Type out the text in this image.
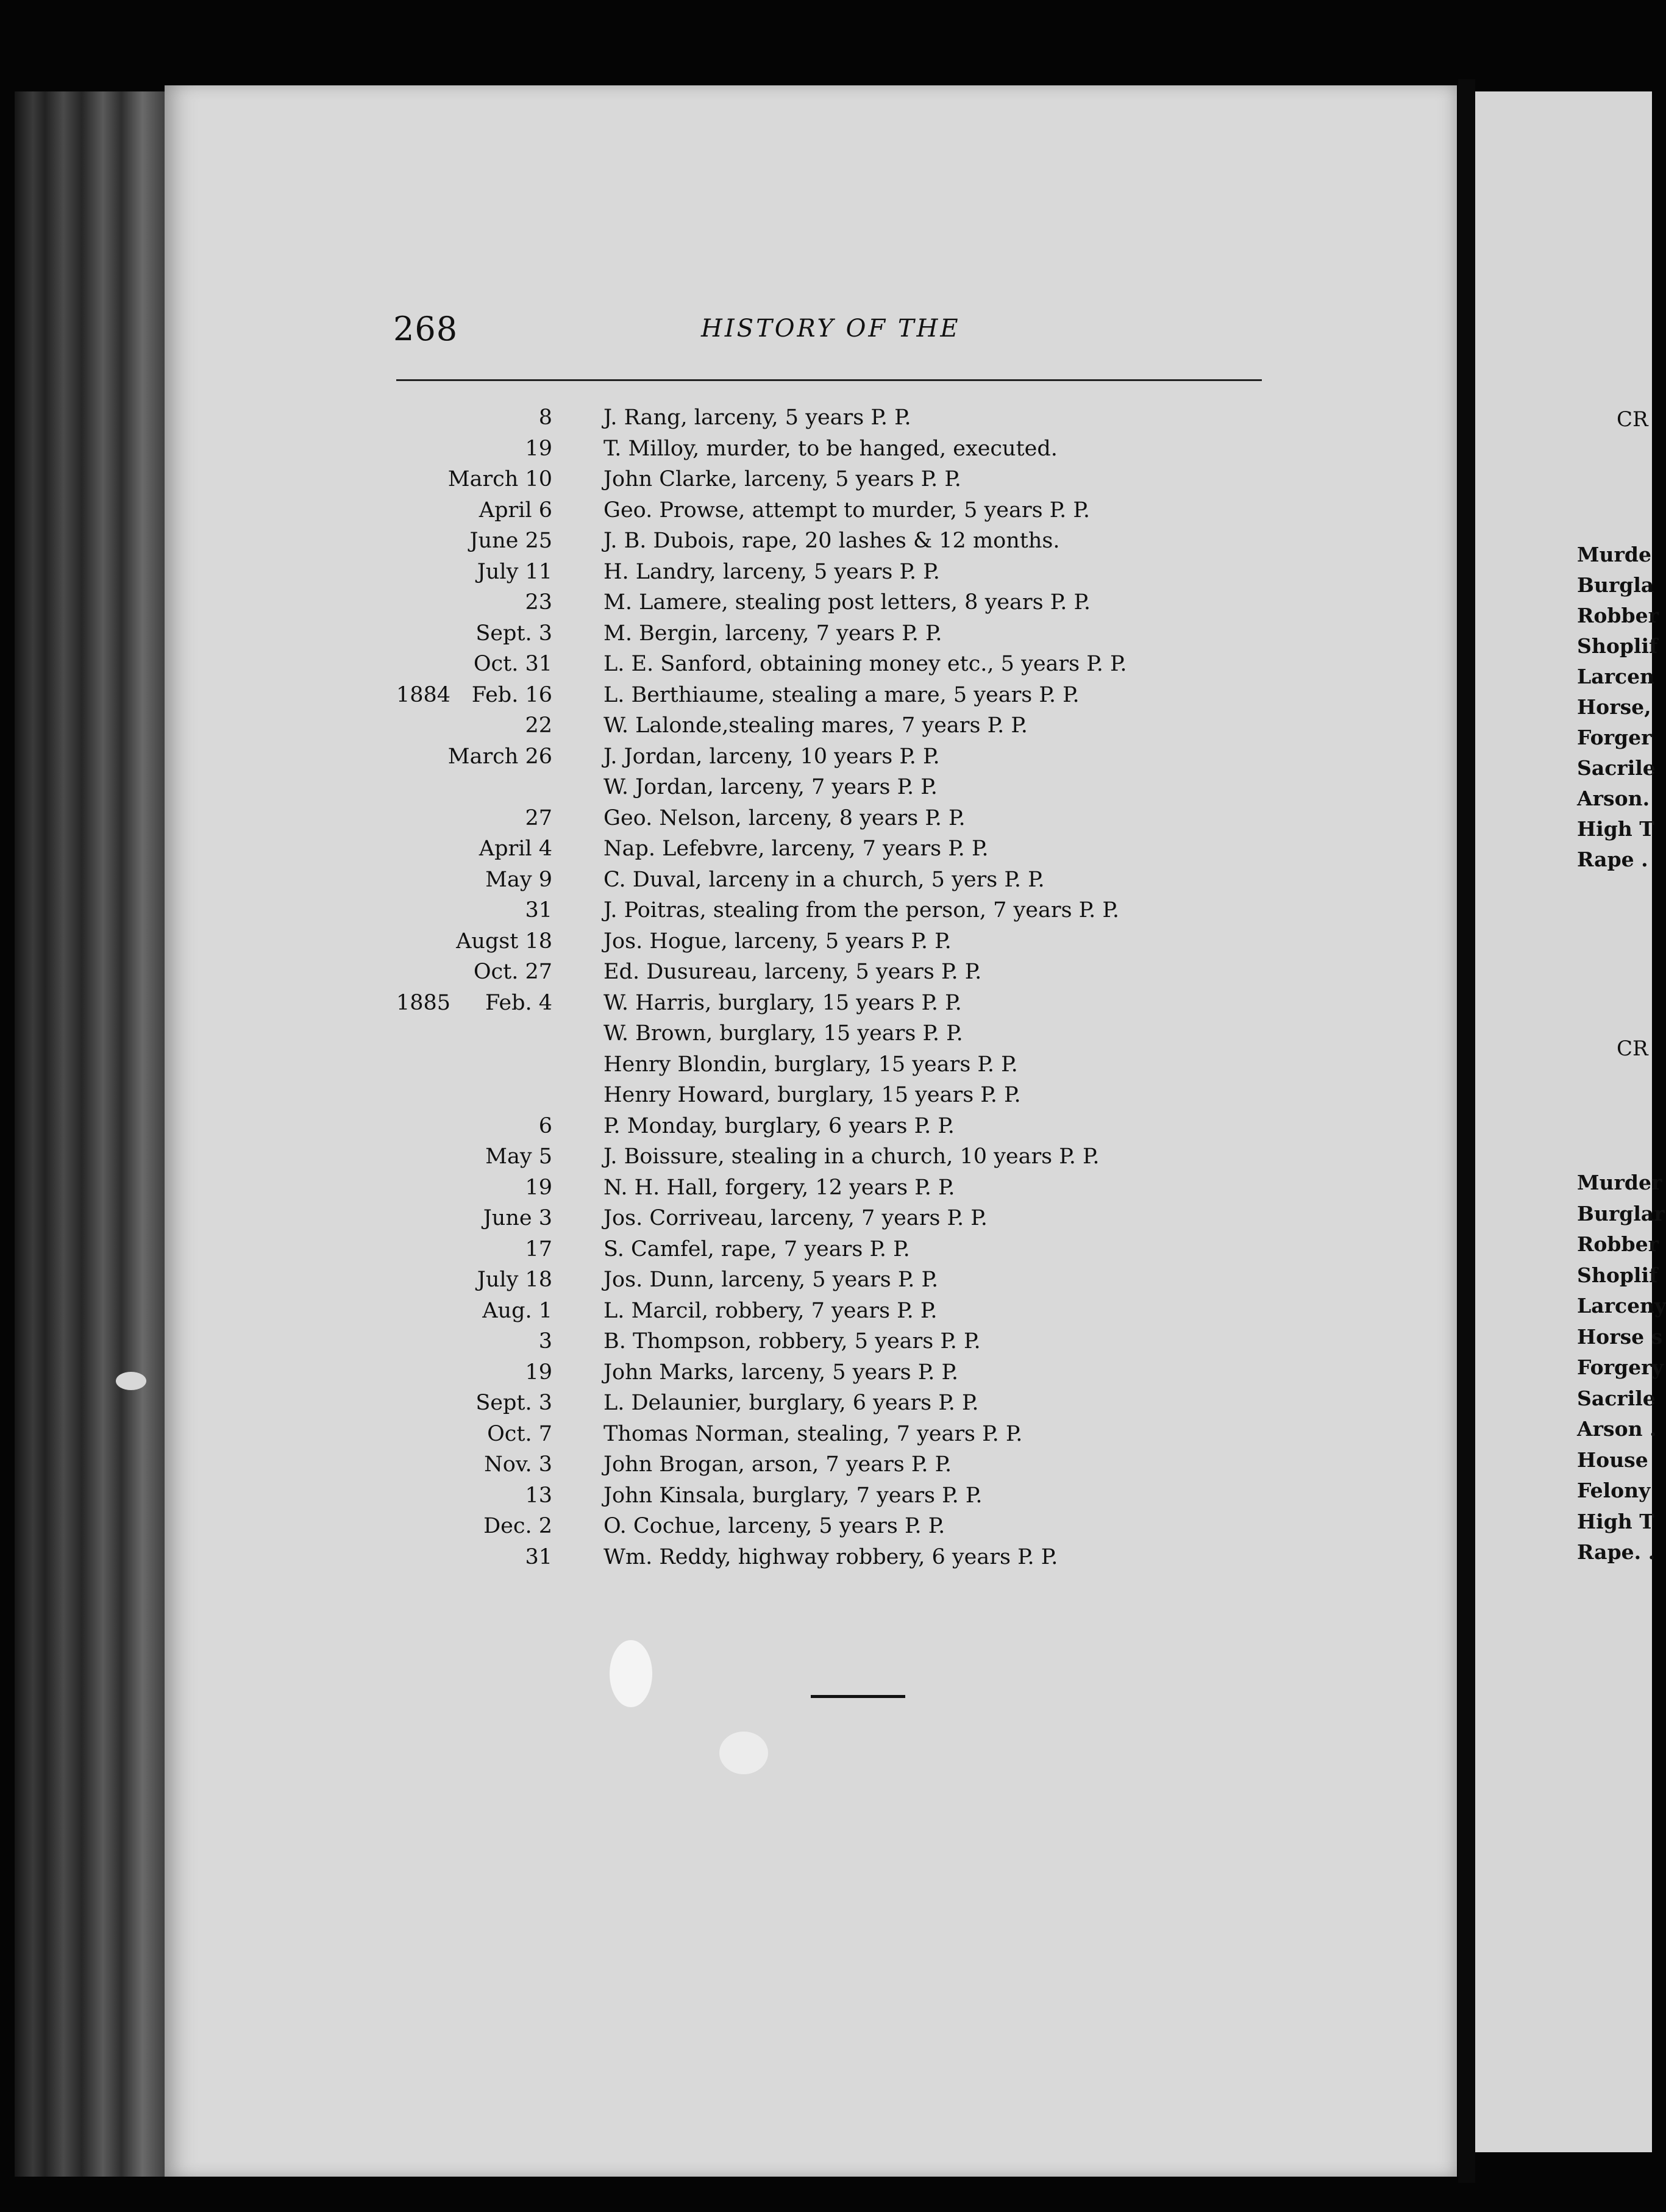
268	HISTORY OF THE
8 J. Rang, larceny, 5 years P. P.
19 T. Milloy, murder, to be hanged, executed.
March 10 John Clarke, larceny, 5 years P. P.
April 6 Geo. Prowse, attempt to murder, 5 years P. P.
June 25 J. B. Dubois, rape, 20 lashes & 12 months.
July 11 H. Landry, larceny, 5 years P. P.
23 M. Lamere, stealing post letters, 8 years P. P.
Sept. 3 M. Bergin, larceny, 7 years P. P.
Oct. 31 L. E. Sanford, obtaining money etc., 5 years P. P.
1884 Feb. 16 L. Berthiaume, stealing a mare, 5 years P. P.
22 W. Lalonde,stealing mares, 7 years P. P.
March 26 J. Jordan, larceny, 10 years P. P.
W. Jordan, larceny, 7 years P. P.
27 Geo. Nelson, larceny, 8 years P. P.
April 4 Nap. Lefebvre, larceny, 7 years P. P.
May 9 C. Duval, larceny in a church, 5 yers P. P.
31 J. Poitras, stealing from the person, 7 years P. P.
Augst 18 Jos. Hogue, larceny, 5 years P. P.
Oct. 27 Ed. Dusureau, larceny, 5 years P. P.
1885 Feb. 4 W. Harris, burglary, 15 years P. P.
W. Brown, burglary, 15 years P. P.
Henry Blondin, burglary, 15 years P. P.
Henry Howard, burglary, 15 years P. P.
6 P. Monday, burglary, 6 years P. P.
May 5 J. Boissure, stealing in a church, 10 years P. P.
19 N. H. Hall, forgery, 12 years P. P.
June 3 Jos. Corriveau, larceny, 7 years P. P.
17 S. Camfel, rape, 7 years P. P.
July 18 Jos. Dunn, larceny, 5 years P. P.
Aug. 1 L. Marcil, robbery, 7 years P. P.
3 B. Thompson, robbery, 5 years P. P.
19 John Marks, larceny, 5 years P. P.
Sept. 3 L. Delaunier, burglary, 6 years P. P.
Oct. 7 Thomas Norman, stealing, 7 years P. P.
Nov. 3 John Brogan, arson, 7 years P. P.
13 John Kinsala, burglary, 7 years P. P.
Dec. 2 O. Cochue, larceny, 5 years P. P.
31 Wm. Reddy, highway robbery, 6 years P. P.
CR
CR
Murde
Burgla
Robber
Shoplif
Larcen
Horse,
Forger
Sacrile
Arson.
High T
Rape .
Murder
Burglar
Robber
Shoplif
Larceny
Horse s
Forgery
Sacrile
Arson .
House
Felony
High T
Rape. .
